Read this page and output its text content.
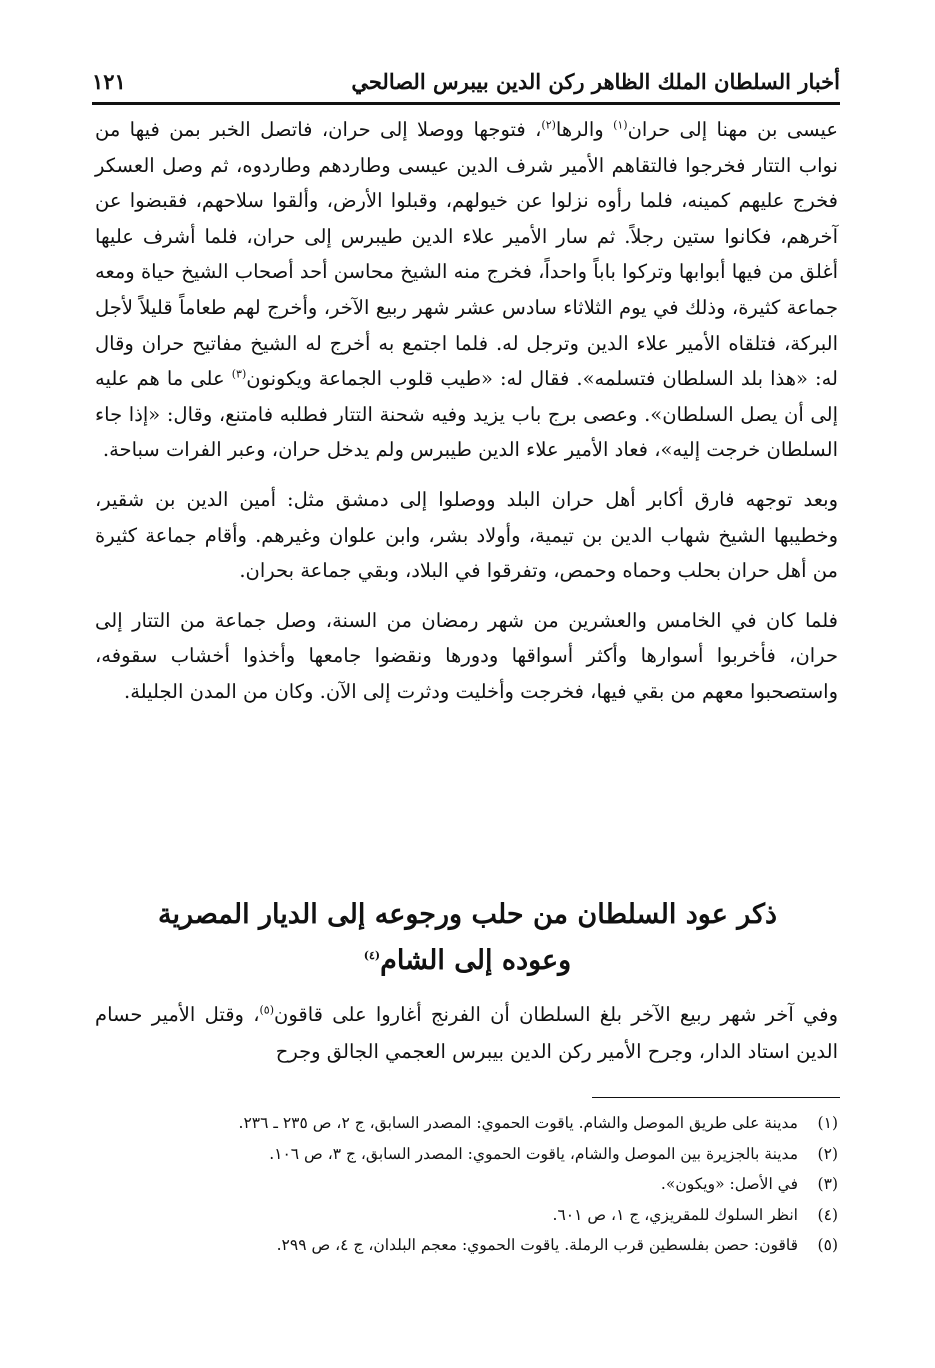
أخبار السلطان الملك الظاهر ركن الدين بيبرس الصالحي
١٢١

عيسى بن مهنا إلى حران$^{(١)}$ والرها$^{(٢)}$، فتوجها ووصلا إلى حران، فاتصل الخبر بمن فيها من نواب التتار فخرجوا فالتقاهم الأمير شرف الدين عيسى وطاردهم وطاردوه، ثم وصل العسكر فخرج عليهم كمينه، فلما رأوه نزلوا عن خيولهم، وقبلوا الأرض، وألقوا سلاحهم، فقبضوا عن آخرهم، فكانوا ستين رجلاً. ثم سار الأمير علاء الدين طيبرس إلى حران، فلما أشرف عليها أغلق من فيها أبوابها وتركوا باباً واحداً، فخرج منه الشيخ محاسن أحد أصحاب الشيخ حياة ومعه جماعة كثيرة، وذلك في يوم الثلاثاء سادس عشر شهر ربيع الآخر، وأخرج لهم طعاماً قليلاً لأجل البركة، فتلقاه الأمير علاء الدين وترجل له. فلما اجتمع به أخرج له الشيخ مفاتيح حران وقال له: «هذا بلد السلطان فتسلمه». فقال له: «طيب قلوب الجماعة ويكونون$^{(٣)}$ على ما هم عليه إلى أن يصل السلطان». وعصى برج باب يزيد وفيه شحنة التتار فطلبه فامتنع، وقال: «إذا جاء السلطان خرجت إليه»، فعاد الأمير علاء الدين طيبرس ولم يدخل حران، وعبر الفرات سباحة.

وبعد توجهه فارق أكابر أهل حران البلد ووصلوا إلى دمشق مثل: أمين الدين بن شقير، وخطيبها الشيخ شهاب الدين بن تيمية، وأولاد بشر، وابن علوان وغيرهم. وأقام جماعة كثيرة من أهل حران بحلب وحماه وحمص، وتفرقوا في البلاد، وبقي جماعة بحران.

فلما كان في الخامس والعشرين من شهر رمضان من السنة، وصل جماعة من التتار إلى حران، فأخربوا أسوارها وأكثر أسواقها ودورها ونقضوا جامعها وأخذوا أخشاب سقوفه، واستصحبوا معهم من بقي فيها، فخرجت وأخليت ودثرت إلى الآن. وكان من المدن الجليلة.

ذكر عود السلطان من حلب ورجوعه إلى الديار المصرية
وعوده إلى الشام$^{(٤)}$

وفي آخر شهر ربيع الآخر بلغ السلطان أن الفرنج أغاروا على قاقون$^{(٥)}$، وقتل الأمير حسام الدين استاد الدار، وجرح الأمير ركن الدين بيبرس العجمي الجالق وجرح

(١)
مدينة على طريق الموصل والشام. ياقوت الحموي: المصدر السابق، ج ٢، ص ٢٣٥ ـ ٢٣٦.
(٢)
مدينة بالجزيرة بين الموصل والشام، ياقوت الحموي: المصدر السابق، ج ٣، ص ١٠٦.
(٣)
في الأصل: «ويكون».
(٤)
انظر السلوك للمقريزي، ج ١، ص ٦٠١.
(٥)
قاقون: حصن بفلسطين قرب الرملة. ياقوت الحموي: معجم البلدان، ج ٤، ص ٢٩٩.
